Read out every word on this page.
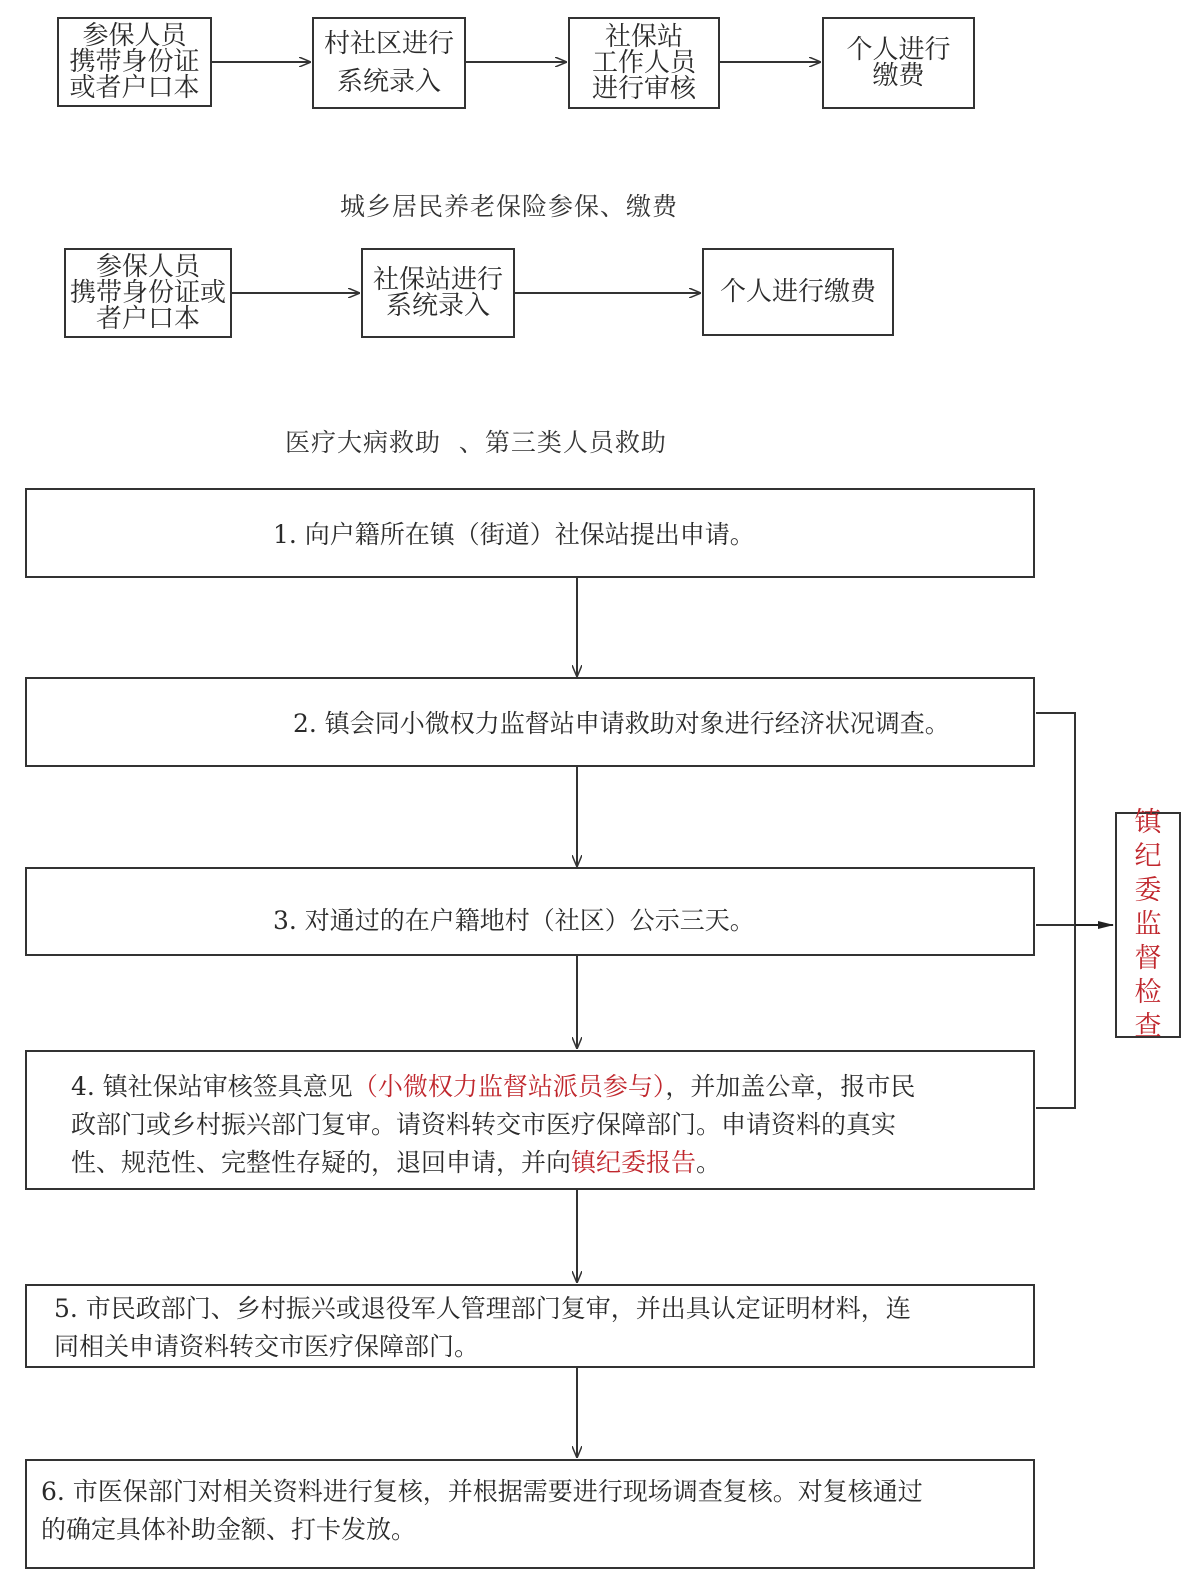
参保人员
携带身份证
或者户口本
村社区进行
系统录入
社保站
工作人员
进行审核
个人进行
缴费
城乡居民养老保险参保、缴费
参保人员
携带身份证或
者户口本
社保站进行
系统录入	个人进行缴费
医疗大病救助  、第三类人员救助
1. 向户籍所在镇（街道）社保站提出申请。
2. 镇会同小微权力监督站申请救助对象进行经济状况调查。
3. 对通过的在户籍地村（社区）公示三天。
4. 镇社保站审核签具意见（小微权力监督站派员参与），并加盖公章，报市民
政部门或乡村振兴部门复审。请资料转交市医疗保障部门。申请资料的真实
性、规范性、完整性存疑的，退回申请，并向镇纪委报告。
5. 市民政部门、乡村振兴或退役军人管理部门复审，并出具认定证明材料，连
同相关申请资料转交市医疗保障部门。
6. 市医保部门对相关资料进行复核，并根据需要进行现场调查复核。对复核通过
的确定具体补助金额、打卡发放。
镇
纪
委
监
督
检
查
